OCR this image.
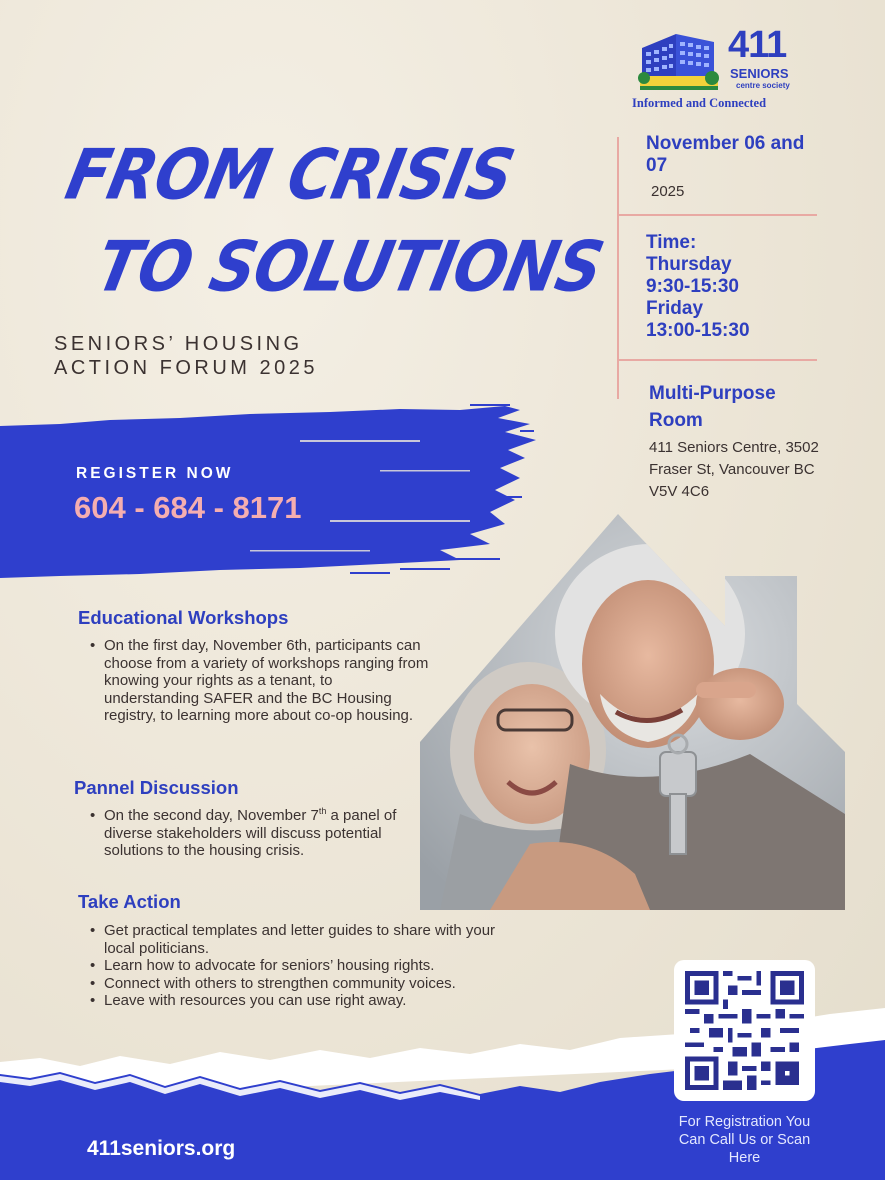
411
SENIORS
centre society
Informed and Connected
FROM CRISIS
TO SOLUTIONS
SENIORS’ HOUSING
ACTION FORUM 2025
REGISTER NOW
604 - 684 - 8171
November 06 and 07
2025
Time:
Thursday
9:30-15:30
Friday
13:00-15:30
Multi-Purpose Room
411 Seniors Centre, 3502 Fraser St, Vancouver BC V5V 4C6
Educational Workshops
• On the first day, November 6th, participants can choose from a variety of workshops ranging from knowing your rights as a tenant, to understanding SAFER and the BC Housing registry, to learning more about co-op housing.
Pannel Discussion
• On the second day, November 7th a panel of diverse stakeholders will discuss potential solutions to the housing crisis.
Take Action
• Get practical templates and letter guides to share with your local politicians.
• Learn how to advocate for seniors’ housing rights.
• Connect with others to strengthen community voices.
• Leave with resources you can use right away.
411seniors.org
For Registration You Can Call Us or Scan Here
